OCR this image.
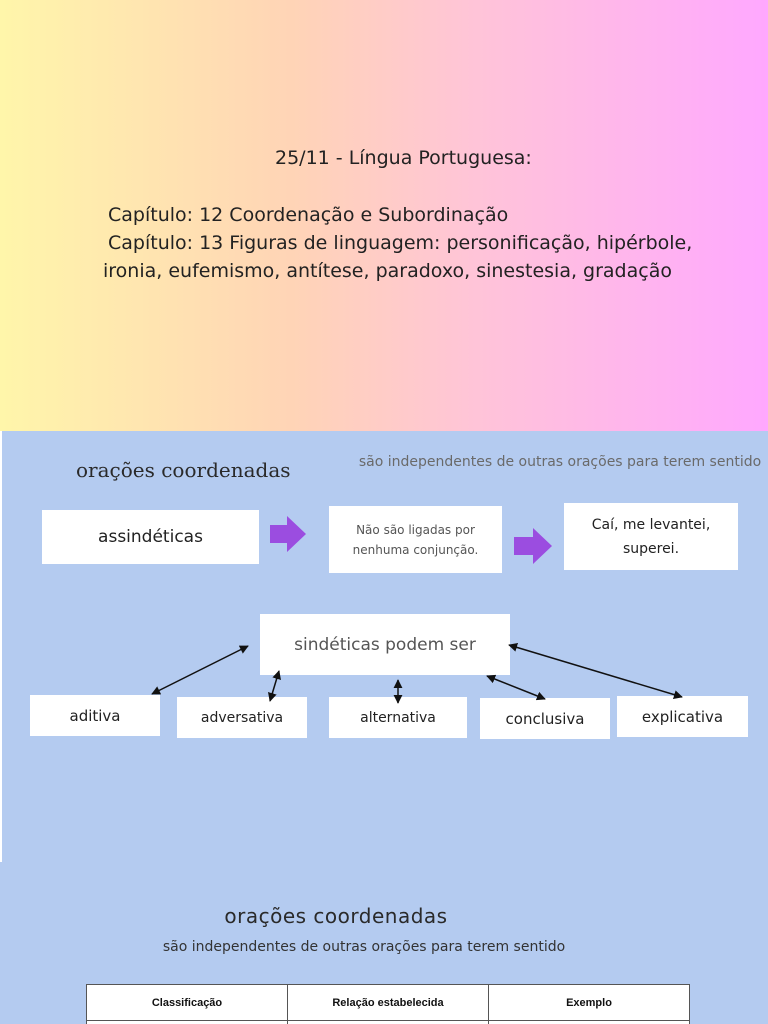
25/11 - Língua Portuguesa:
Capítulo: 12 Coordenação e Subordinação
Capítulo: 13 Figuras de linguagem: personificação, hipérbole,
ironia, eufemismo, antítese, paradoxo, sinestesia, gradação
orações coordenadas	são independentes de outras orações para terem sentido
assindéticas	Não são ligadas por nenhuma conjunção.
Caí, me levantei, superei.
sindéticas podem ser
aditiva	adversativa	alternativa	conclusiva	explicativa
orações coordenadas
são independentes de outras orações para terem sentido
Classificação	Relação estabelecida	Exemplo
